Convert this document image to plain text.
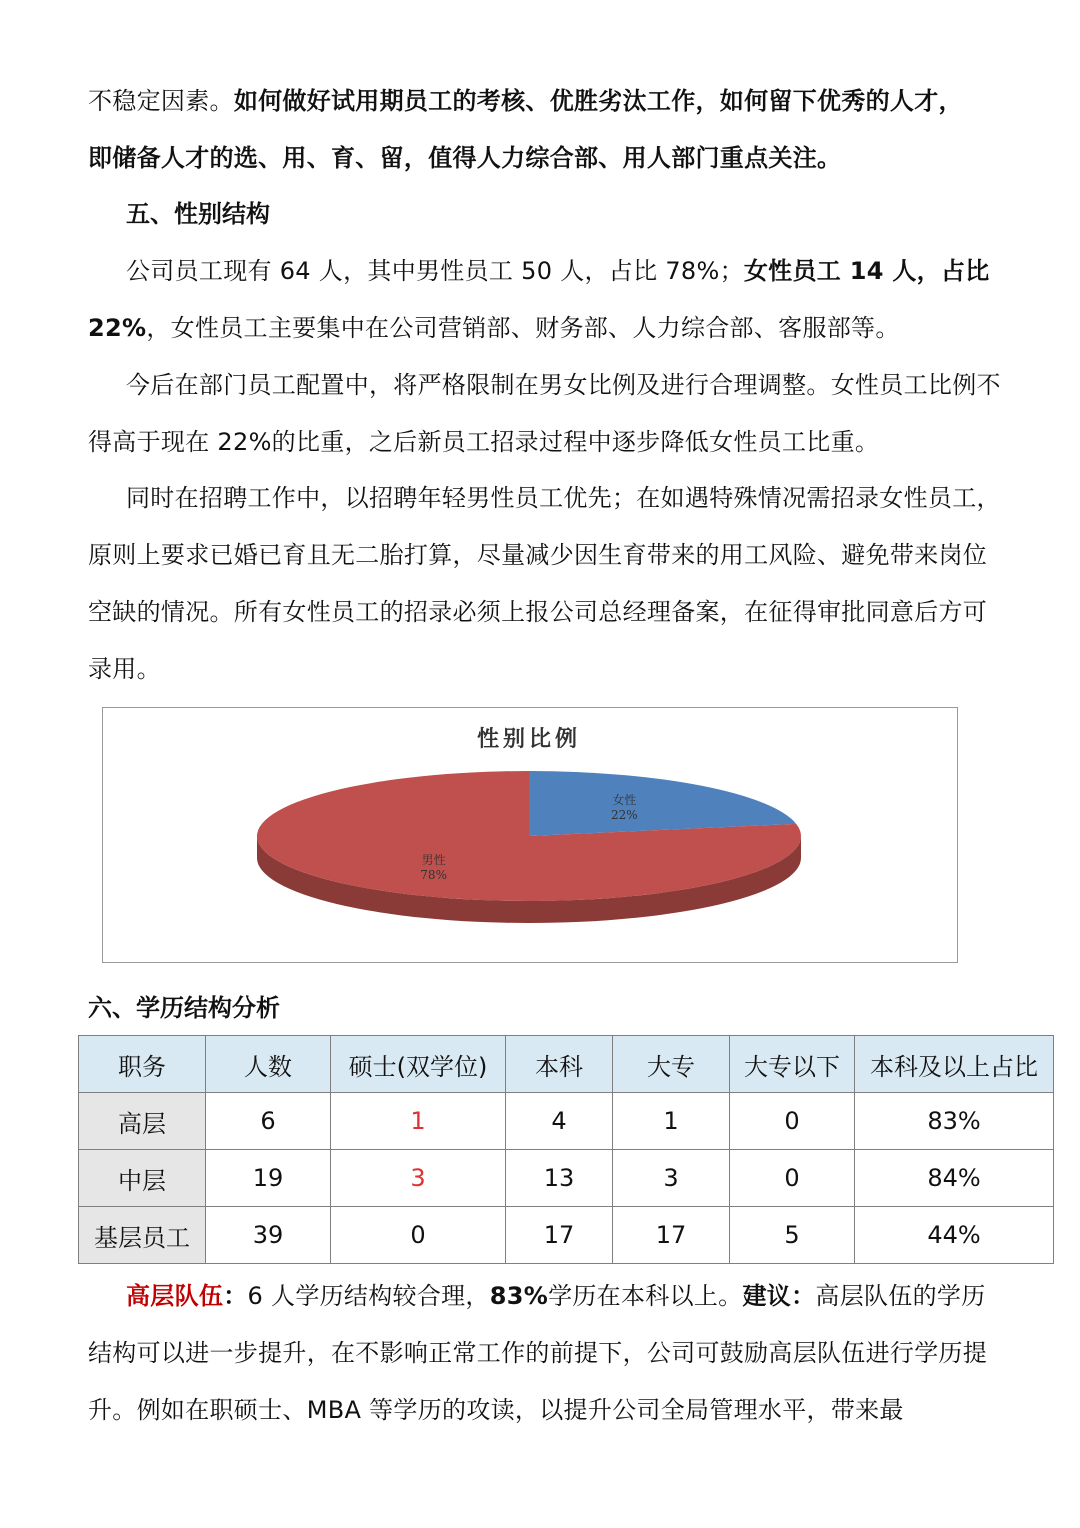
不稳定因素。如何做好试用期员工的考核、优胜劣汰工作，如何留下优秀的人才，
即储备人才的选、用、育、留，值得人力综合部、用人部门重点关注。

五、性别结构

公司员工现有 64 人，其中男性员工 50 人，占比 78%；女性员工 14 人，占比 22%，女性员工主要集中在公司营销部、财务部、人力综合部、客服部等。

今后在部门员工配置中，将严格限制在男女比例及进行合理调整。女性员工比例不得高于现在 22%的比重，之后新员工招录过程中逐步降低女性员工比重。

同时在招聘工作中，以招聘年轻男性员工优先；在如遇特殊情况需招录女性员工，原则上要求已婚已育且无二胎打算，尽量减少因生育带来的用工风险、避免带来岗位空缺的情况。所有女性员工的招录必须上报公司总经理备案，在征得审批同意后方可录用。

性别比例
女性
22%
男性
78%

六、学历结构分析

职务	人数	硕士(双学位)	本科	大专	大专以下	本科及以上占比
高层	6	1	4	1	0	83%
中层	19	3	13	3	0	84%
基层员工	39	0	17	17	5	44%

高层队伍：6 人学历结构较合理，83%学历在本科以上。建议：高层队伍的学历结构可以进一步提升，在不影响正常工作的前提下，公司可鼓励高层队伍进行学历提升。例如在职硕士、MBA 等学历的攻读，以提升公司全局管理水平，带来最
